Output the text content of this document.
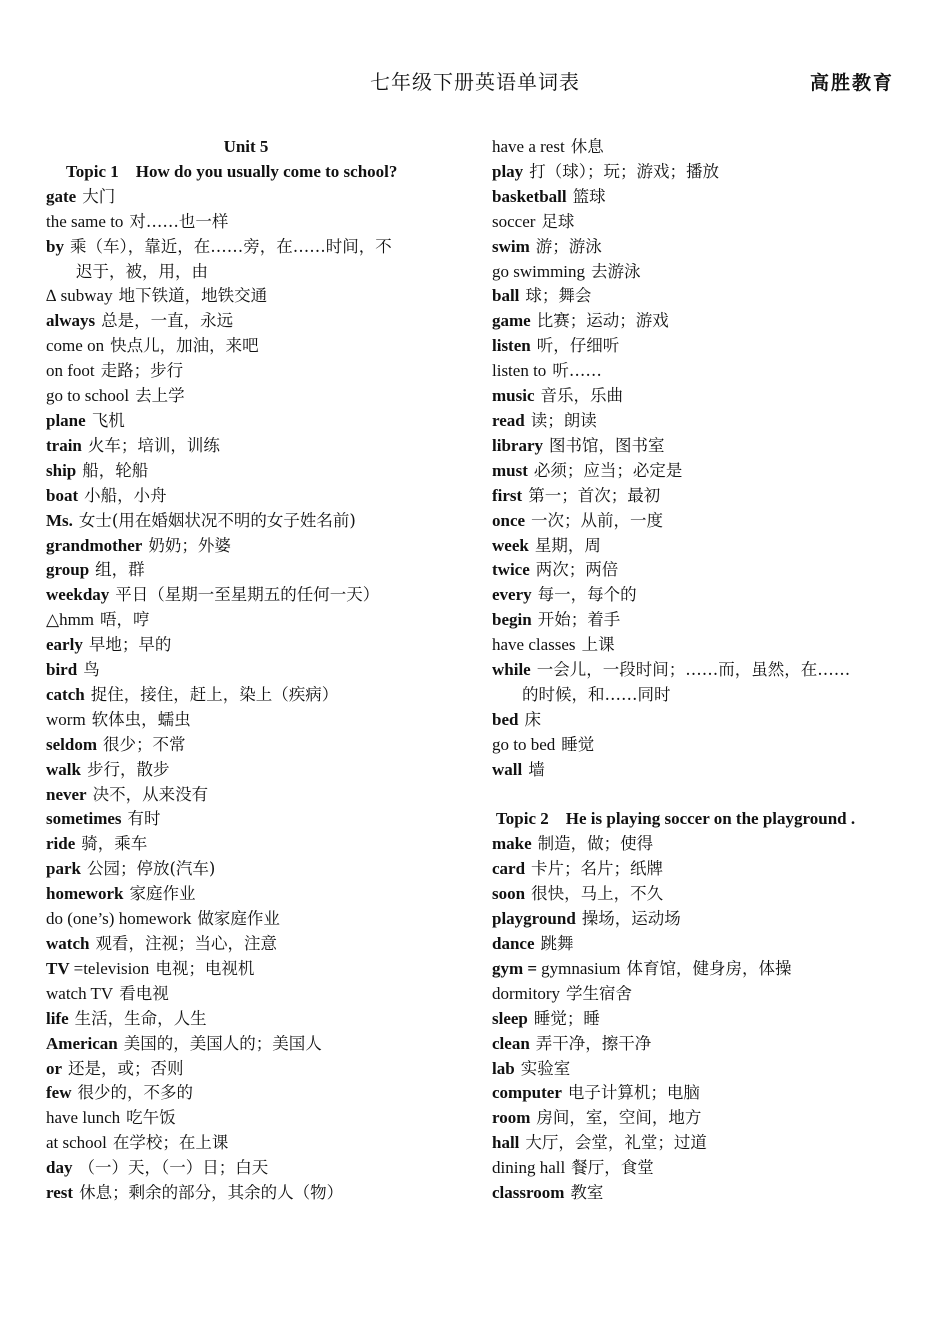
七年级下册英语单词表	高胜教育
Unit 5
Topic 1　How do you usually come to school?
gate 大门
the same to 对……也一样
by 乘（车），靠近，在……旁，在……时间，不
迟于，被，用，由
∆ subway 地下铁道，地铁交通
always 总是，一直，永远
come on 快点儿，加油，来吧
on foot 走路；步行
go to school 去上学
plane 飞机
train 火车；培训，训练
ship 船，轮船
boat 小船，小舟
Ms. 女士(用在婚姻状况不明的女子姓名前)
grandmother 奶奶；外婆
group 组，群
weekday 平日（星期一至星期五的任何一天）
△hmm 唔，哼
early 早地；早的
bird 鸟
catch 捉住，接住，赶上，染上（疾病）
worm 软体虫，蠕虫
seldom 很少；不常
walk 步行，散步
never 决不，从来没有
sometimes 有时
ride 骑，乘车
park 公园；停放(汽车)
homework 家庭作业
do (one’s) homework 做家庭作业
watch 观看，注视；当心，注意
TV =television 电视；电视机
watch TV 看电视
life 生活，生命，人生
American 美国的，美国人的；美国人
or 还是，或；否则
few 很少的，不多的
have lunch 吃午饭
at school 在学校；在上课
day （一）天，（一）日；白天
rest 休息；剩余的部分，其余的人（物）
have a rest 休息
play 打（球）；玩；游戏；播放
basketball 篮球
soccer 足球
swim 游；游泳
go swimming 去游泳
ball 球；舞会
game 比赛；运动；游戏
listen 听，仔细听
listen to 听……
music 音乐，乐曲
read 读；朗读
library 图书馆，图书室
must 必须；应当；必定是
first 第一；首次；最初
once 一次；从前，一度
week 星期，周
twice 两次；两倍
every 每一，每个的
begin 开始；着手
have classes 上课
while 一会儿，一段时间；……而，虽然，在……
的时候，和……同时
bed 床
go to bed 睡觉
wall 墙
Topic 2　He is playing soccer on the playground .
make 制造，做；使得
card 卡片；名片；纸牌
soon 很快，马上，不久
playground 操场，运动场
dance 跳舞
gym = gymnasium 体育馆，健身房，体操
dormitory 学生宿舍
sleep 睡觉；睡
clean 弄干净，擦干净
lab 实验室
computer 电子计算机；电脑
room 房间，室，空间，地方
hall 大厅，会堂，礼堂；过道
dining hall 餐厅，食堂
classroom 教室
